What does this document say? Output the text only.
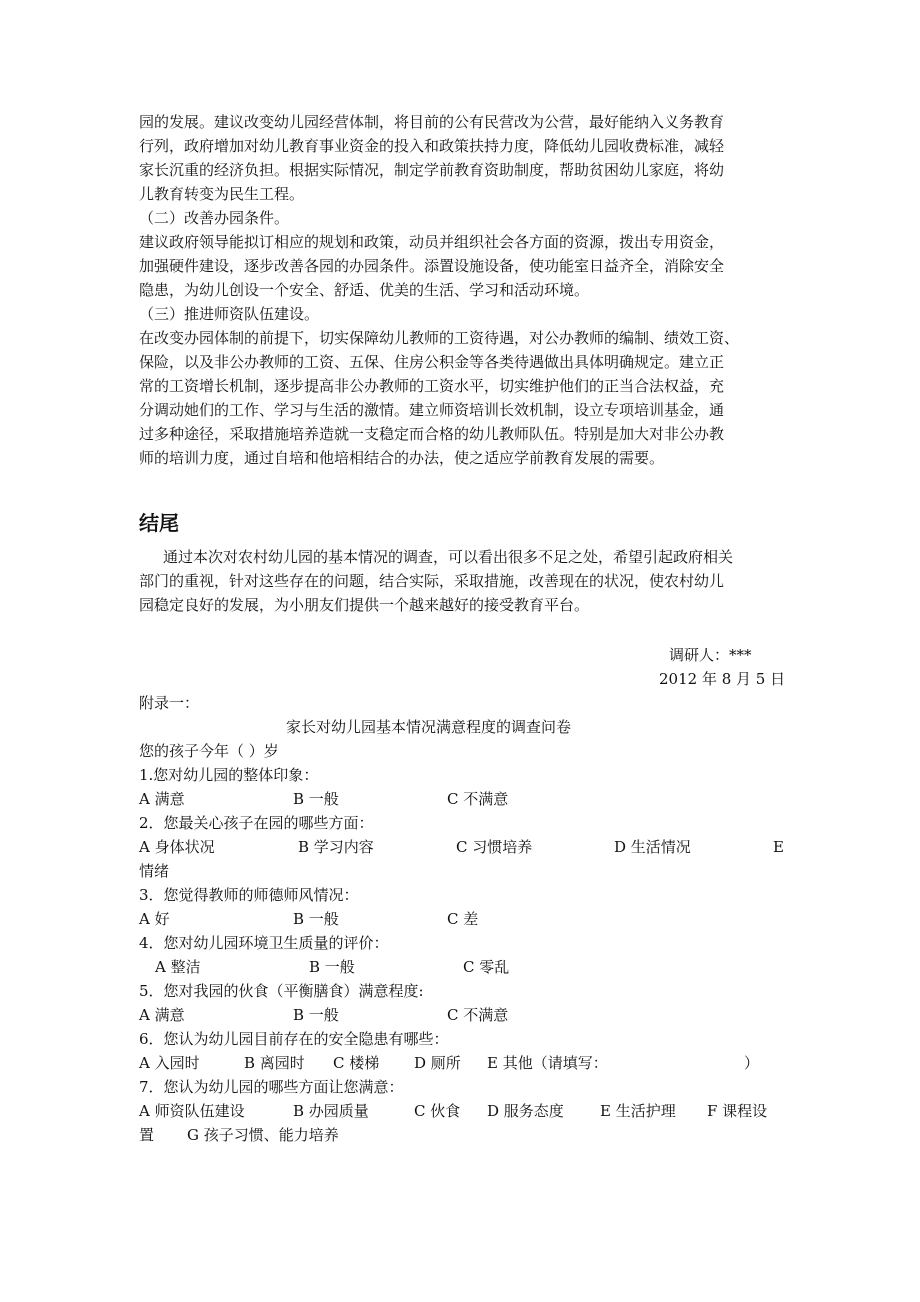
园的发展。建议改变幼儿园经营体制，将目前的公有民营改为公营，最好能纳入义务教育
行列，政府增加对幼儿教育事业资金的投入和政策扶持力度，降低幼儿园收费标准，减轻
家长沉重的经济负担。根据实际情况，制定学前教育资助制度，帮助贫困幼儿家庭，将幼
儿教育转变为民生工程。
（二）改善办园条件。
建议政府领导能拟订相应的规划和政策，动员并组织社会各方面的资源，拨出专用资金，
加强硬件建设，逐步改善各园的办园条件。添置设施设备，使功能室日益齐全，消除安全
隐患，为幼儿创设一个安全、舒适、优美的生活、学习和活动环境。
（三）推进师资队伍建设。
在改变办园体制的前提下，切实保障幼儿教师的工资待遇，对公办教师的编制、绩效工资、
保险，以及非公办教师的工资、五保、住房公积金等各类待遇做出具体明确规定。建立正
常的工资增长机制，逐步提高非公办教师的工资水平，切实维护他们的正当合法权益，充
分调动她们的工作、学习与生活的激情。建立师资培训长效机制，设立专项培训基金，通
过多种途径，采取措施培养造就一支稳定而合格的幼儿教师队伍。特别是加大对非公办教
师的培训力度，通过自培和他培相结合的办法，使之适应学前教育发展的需要。
结尾
通过本次对农村幼儿园的基本情况的调查，可以看出很多不足之处，希望引起政府相关
部门的重视，针对这些存在的问题，结合实际，采取措施，改善现在的状况，使农村幼儿
园稳定良好的发展，为小朋友们提供一个越来越好的接受教育平台。
调研人：***
2012 年 8 月 5 日
附录一：
家长对幼儿园基本情况满意程度的调查问卷
您的孩子今年（ ）岁
1.您对幼儿园的整体印象：
A 满意	B 一般	C 不满意
2．您最关心孩子在园的哪些方面：
A 身体状况	B 学习内容	C 习惯培养	D 生活情况	E
情绪
3．您觉得教师的师德师风情况：
A 好	B 一般	C 差
4．您对幼儿园环境卫生质量的评价：
A 整洁	B 一般	C 零乱
5．您对我园的伙食（平衡膳食）满意程度:
A 满意	B 一般	C 不满意
6．您认为幼儿园目前存在的安全隐患有哪些：
A 入园时	B 离园时 C 楼梯 D 厕所 E 其他（请填写：	）
7．您认为幼儿园的哪些方面让您满意：
A 师资队伍建设	B 办园质量	C 伙食 D 服务态度 E 生活护理 F 课程设
置 G 孩子习惯、能力培养
